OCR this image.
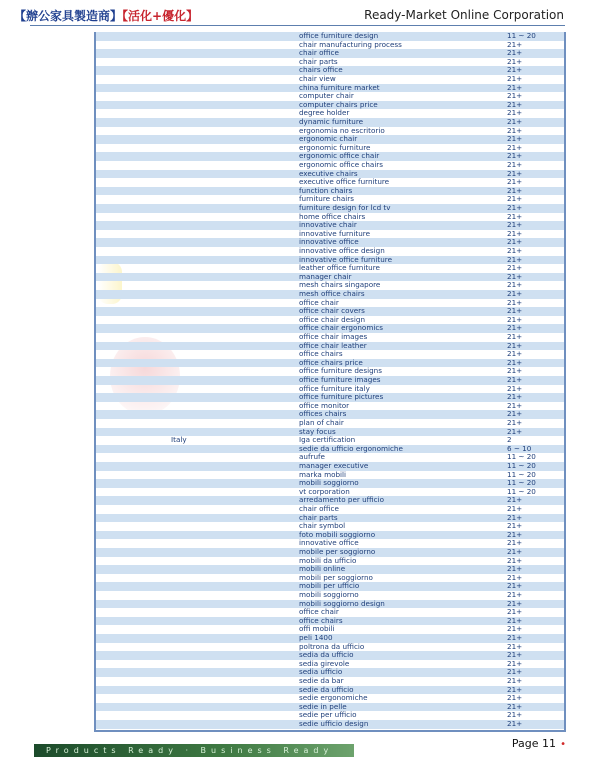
【辦公家具製造商】【活化+優化】	Ready-Market Online Corporation
office furniture design	11 ~ 20
chair manufacturing process	21+
chair office	21+
chair parts	21+
chairs office	21+
chair view	21+
china furniture market	21+
computer chair	21+
computer chairs price	21+
degree holder	21+
dynamic furniture	21+
ergonomia no escritorio	21+
ergonomic chair	21+
ergonomic furniture	21+
ergonomic office chair	21+
ergonomic office chairs	21+
executive chairs	21+
executive office furniture	21+
function chairs	21+
furniture chairs	21+
furniture design for lcd tv	21+
home office chairs	21+
innovative chair	21+
innovative furniture	21+
innovative office	21+
innovative office design	21+
innovative office furniture	21+
leather office furniture	21+
manager chair	21+
mesh chairs singapore	21+
mesh office chairs	21+
office chair	21+
office chair covers	21+
office chair design	21+
office chair ergonomics	21+
office chair images	21+
office chair leather	21+
office chairs	21+
office chairs price	21+
office furniture designs	21+
office furniture images	21+
office furniture italy	21+
office furniture pictures	21+
office monitor	21+
offices chairs	21+
plan of chair	21+
stay focus	21+
Italy	Iga certification	2
sedie da ufficio ergonomiche	6 ~ 10
aufrufe	11 ~ 20
manager executive	11 ~ 20
marka mobili	11 ~ 20
mobili soggiorno	11 ~ 20
vt corporation	11 ~ 20
arredamento per ufficio	21+
chair office	21+
chair parts	21+
chair symbol	21+
foto mobili soggiorno	21+
innovative office	21+
mobile per soggiorno	21+
mobili da ufficio	21+
mobili online	21+
mobili per soggiorno	21+
mobili per ufficio	21+
mobili soggiorno	21+
mobili soggiorno design	21+
office chair	21+
office chairs	21+
offi mobili	21+
peli 1400	21+
poltrona da ufficio	21+
sedia da ufficio	21+
sedia girevole	21+
sedia ufficio	21+
sedie da bar	21+
sedie da ufficio	21+
sedie ergonomiche	21+
sedie in pelle	21+
sedie per ufficio	21+
sedie ufficio design	21+
Products Ready · Business Ready
Page 11 •
